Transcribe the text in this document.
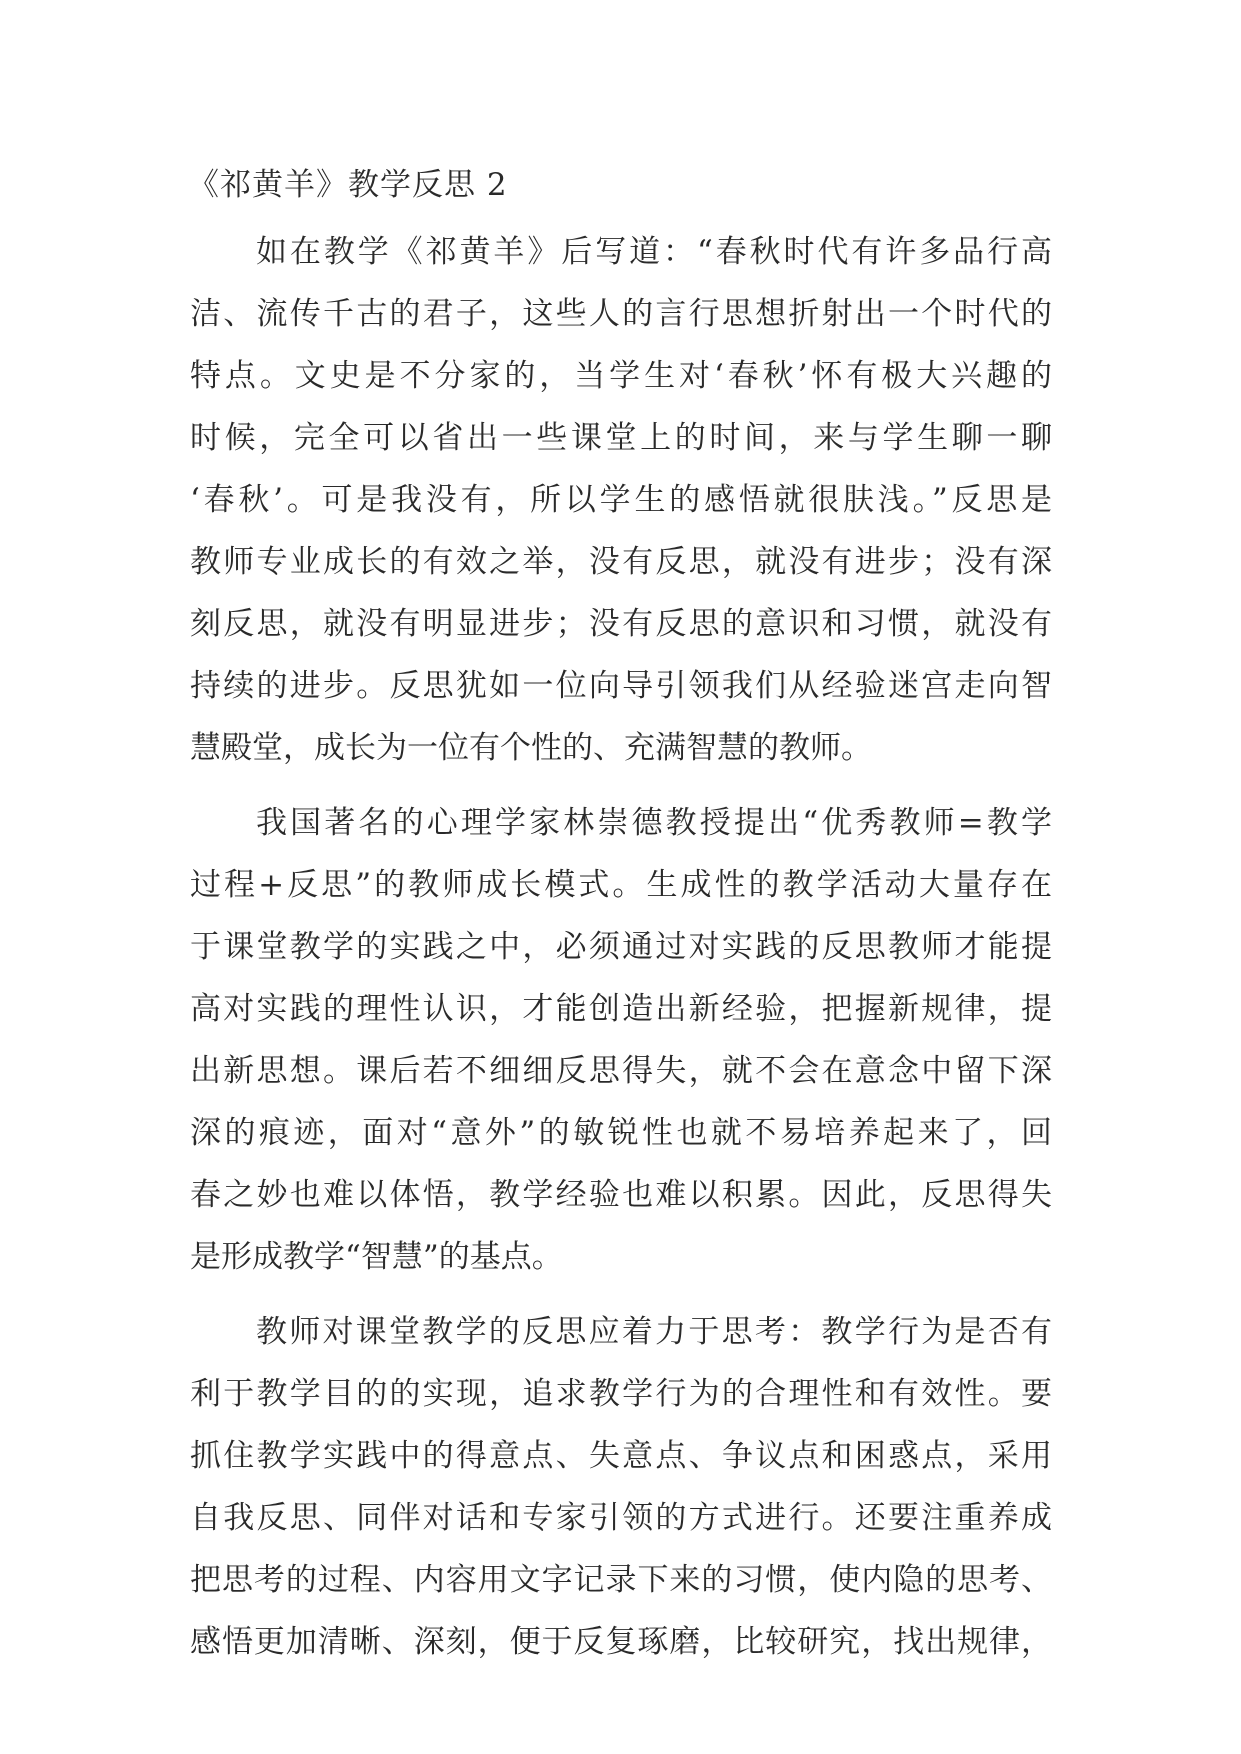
《祁黄羊》教学反思 2
如在教学《祁黄羊》后写道：“春秋时代有许多品行高
洁、流传千古的君子，这些人的言行思想折射出一个时代的
特点。文史是不分家的，当学生对‘春秋’怀有极大兴趣的
时候，完全可以省出一些课堂上的时间，来与学生聊一聊
‘春秋’。可是我没有，所以学生的感悟就很肤浅。”反思是
教师专业成长的有效之举，没有反思，就没有进步；没有深
刻反思，就没有明显进步；没有反思的意识和习惯，就没有
持续的进步。反思犹如一位向导引领我们从经验迷宫走向智
慧殿堂，成长为一位有个性的、充满智慧的教师。
我国著名的心理学家林崇德教授提出“优秀教师=教学
过程+反思”的教师成长模式。生成性的教学活动大量存在
于课堂教学的实践之中，必须通过对实践的反思教师才能提
高对实践的理性认识，才能创造出新经验，把握新规律，提
出新思想。课后若不细细反思得失，就不会在意念中留下深
深的痕迹，面对“意外”的敏锐性也就不易培养起来了，回
春之妙也难以体悟，教学经验也难以积累。因此，反思得失
是形成教学“智慧”的基点。
教师对课堂教学的反思应着力于思考：教学行为是否有
利于教学目的的实现，追求教学行为的合理性和有效性。要
抓住教学实践中的得意点、失意点、争议点和困惑点，采用
自我反思、同伴对话和专家引领的方式进行。还要注重养成
把思考的过程、内容用文字记录下来的习惯，使内隐的思考、
感悟更加清晰、深刻，便于反复琢磨，比较研究，找出规律，
